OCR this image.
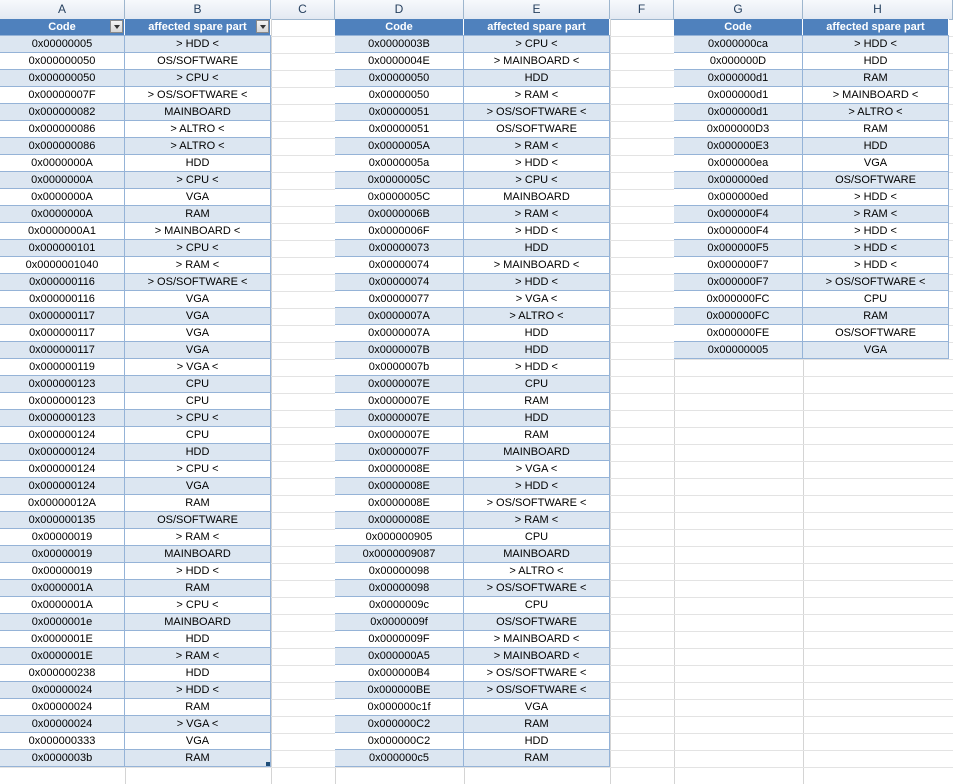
A	B	C	D	E	F	G	H
Code	affected spare part
0x00000005	> HDD <
0x000000050	OS/SOFTWARE
0x000000050	> CPU <
0x00000007F	> OS/SOFTWARE <
0x000000082	MAINBOARD
0x000000086	> ALTRO <
0x000000086	> ALTRO <
0x0000000A	HDD
0x0000000A	> CPU <
0x0000000A	VGA
0x0000000A	RAM
0x0000000A1	> MAINBOARD <
0x000000101	> CPU <
0x0000001040	> RAM <
0x000000116	> OS/SOFTWARE <
0x000000116	VGA
0x000000117	VGA
0x000000117	VGA
0x000000117	VGA
0x000000119	> VGA <
0x000000123	CPU
0x000000123	CPU
0x000000123	> CPU <
0x000000124	CPU
0x000000124	HDD
0x000000124	> CPU <
0x000000124	VGA
0x00000012A	RAM
0x000000135	OS/SOFTWARE
0x00000019	> RAM <
0x00000019	MAINBOARD
0x00000019	> HDD <
0x0000001A	RAM
0x0000001A	> CPU <
0x0000001e	MAINBOARD
0x0000001E	HDD
0x0000001E	> RAM <
0x000000238	HDD
0x00000024	> HDD <
0x00000024	RAM
0x00000024	> VGA <
0x000000333	VGA
0x0000003b	RAM
Code	affected spare part
0x0000003B	> CPU <
0x0000004E	> MAINBOARD <
0x00000050	HDD
0x00000050	> RAM <
0x00000051	> OS/SOFTWARE <
0x00000051	OS/SOFTWARE
0x0000005A	> RAM <
0x0000005a	> HDD <
0x0000005C	> CPU <
0x0000005C	MAINBOARD
0x0000006B	> RAM <
0x0000006F	> HDD <
0x00000073	HDD
0x00000074	> MAINBOARD <
0x00000074	> HDD <
0x00000077	> VGA <
0x0000007A	> ALTRO <
0x0000007A	HDD
0x0000007B	HDD
0x0000007b	> HDD <
0x0000007E	CPU
0x0000007E	RAM
0x0000007E	HDD
0x0000007E	RAM
0x0000007F	MAINBOARD
0x0000008E	> VGA <
0x0000008E	> HDD <
0x0000008E	> OS/SOFTWARE <
0x0000008E	> RAM <
0x000000905	CPU
0x0000009087	MAINBOARD
0x00000098	> ALTRO <
0x00000098	> OS/SOFTWARE <
0x0000009c	CPU
0x0000009f	OS/SOFTWARE
0x0000009F	> MAINBOARD <
0x000000A5	> MAINBOARD <
0x000000B4	> OS/SOFTWARE <
0x000000BE	> OS/SOFTWARE <
0x000000c1f	VGA
0x000000C2	RAM
0x000000C2	HDD
0x000000c5	RAM
Code	affected spare part
0x000000ca	> HDD <
0x000000D	HDD
0x000000d1	RAM
0x000000d1	> MAINBOARD <
0x000000d1	> ALTRO <
0x000000D3	RAM
0x000000E3	HDD
0x000000ea	VGA
0x000000ed	OS/SOFTWARE
0x000000ed	> HDD <
0x000000F4	> RAM <
0x000000F4	> HDD <
0x000000F5	> HDD <
0x000000F7	> HDD <
0x000000F7	> OS/SOFTWARE <
0x000000FC	CPU
0x000000FC	RAM
0x000000FE	OS/SOFTWARE
0x00000005	VGA
